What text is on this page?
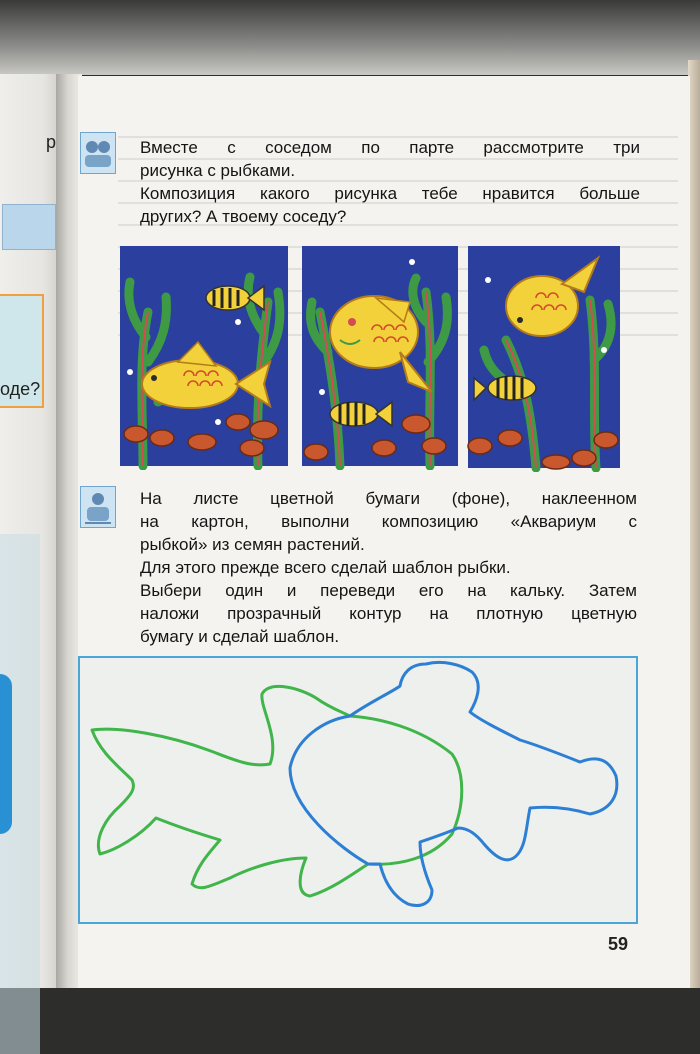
р
оде?

Вместе с соседом по парте рассмотрите три

рисунка с рыбками.

Композиция какого рисунка тебе нравится больше

других? А твоему соседу?

На листе цветной бумаги (фоне), наклеенном

на картон, выполни композицию «Аквариум с

рыбкой» из семян растений.

Для этого прежде всего сделай шаблон рыбки.

Выбери один и переведи его на кальку. Затем

наложи прозрачный контур на плотную цветную

бумагу и сделай шаблон.

59
